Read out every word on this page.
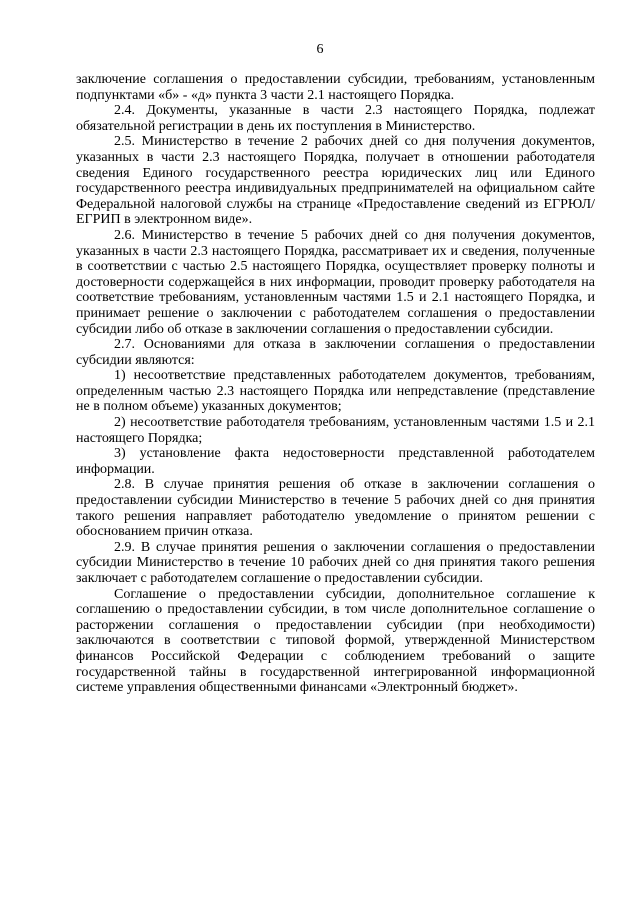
6

заключение соглашения о предоставлении субсидии, требованиям, установленным подпунктами «б» - «д» пункта 3 части 2.1 настоящего Порядка.

2.4. Документы, указанные в части 2.3 настоящего Порядка, подлежат обязательной регистрации в день их поступления в Министерство.

2.5. Министерство в течение 2 рабочих дней со дня получения документов, указанных в части 2.3 настоящего Порядка, получает в отношении работодателя сведения Единого государственного реестра юридических лиц или Единого государственного реестра индивидуальных предпринимателей на официальном сайте Федеральной налоговой службы на странице «Предоставление сведений из ЕГРЮЛ/ЕГРИП в электронном виде».

2.6. Министерство в течение 5 рабочих дней со дня получения документов, указанных в части 2.3 настоящего Порядка, рассматривает их и сведения, полученные в соответствии с частью 2.5 настоящего Порядка, осуществляет проверку полноты и достоверности содержащейся в них информации, проводит проверку работодателя на соответствие требованиям, установленным частями 1.5 и 2.1 настоящего Порядка, и принимает решение о заключении с работодателем соглашения о предоставлении субсидии либо об отказе в заключении соглашения о предоставлении субсидии.

2.7. Основаниями для отказа в заключении соглашения о предоставлении субсидии являются:

1) несоответствие представленных работодателем документов, требованиям, определенным частью 2.3 настоящего Порядка или непредставление (представление не в полном объеме) указанных документов;

2) несоответствие работодателя требованиям, установленным частями 1.5 и 2.1 настоящего Порядка;

3) установление факта недостоверности представленной работодателем информации.

2.8. В случае принятия решения об отказе в заключении соглашения о предоставлении субсидии Министерство в течение 5 рабочих дней со дня принятия такого решения направляет работодателю уведомление о принятом решении с обоснованием причин отказа.

2.9. В случае принятия решения о заключении соглашения о предоставлении субсидии Министерство в течение 10 рабочих дней со дня принятия такого решения заключает с работодателем соглашение о предоставлении субсидии.

Соглашение о предоставлении субсидии, дополнительное соглашение к соглашению о предоставлении субсидии, в том числе дополнительное соглашение о расторжении соглашения о предоставлении субсидии (при необходимости) заключаются в соответствии с типовой формой, утвержденной Министерством финансов Российской Федерации с соблюдением требований о защите государственной тайны в государственной интегрированной информационной системе управления общественными финансами «Электронный бюджет».
